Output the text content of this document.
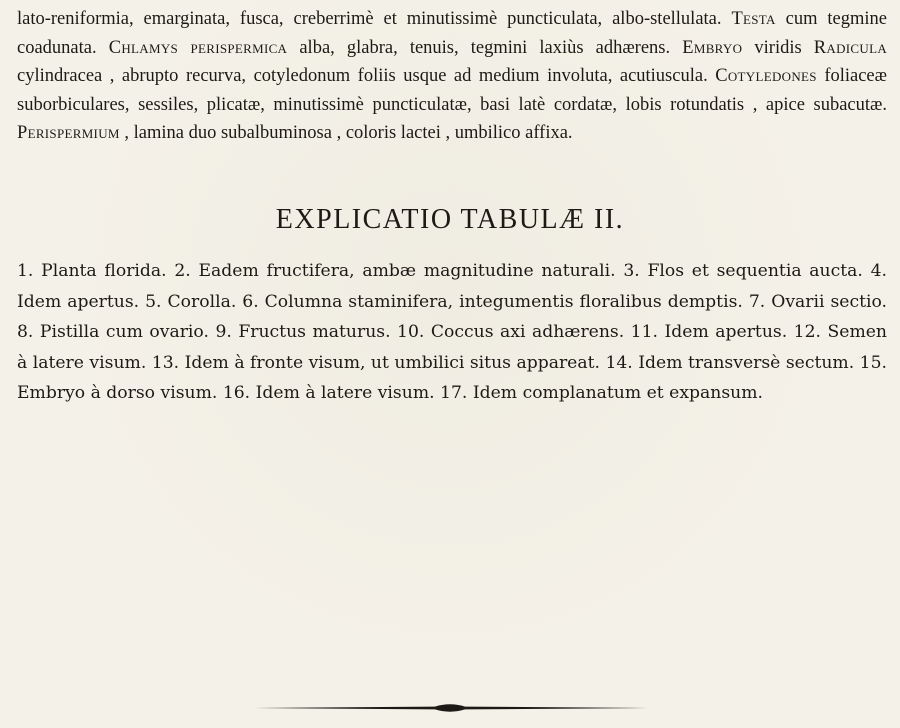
lato-reniformia, emarginata, fusca, creberrimè et minutissimè puncticulata, albo-stellulata. Testa cum tegmine coadunata. Chlamys perispermica alba, glabra, tenuis, tegmini laxiùs adhærens. Embryo viridis Radicula cylindracea , abrupto recurva, cotyledonum foliis usque ad medium involuta, acutiuscula. Cotyledones foliaceæ suborbiculares, sessiles, plicatæ, minutissimè puncticulatæ, basi latè cordatæ, lobis rotundatis , apice subacutæ. Perispermium , lamina duo subalbuminosa , coloris lactei , umbilico affixa.
EXPLICATIO TABULÆ II.
1. Planta florida. 2. Eadem fructifera, ambæ magnitudine naturali. 3. Flos et sequentia aucta. 4. Idem apertus. 5. Corolla. 6. Columna staminifera, integumentis floralibus demptis. 7. Ovarii sectio. 8. Pistilla cum ovario. 9. Fructus maturus. 10. Coccus axi adhærens. 11. Idem apertus. 12. Semen à latere visum. 13. Idem à fronte visum, ut umbilici situs appareat. 14. Idem transversè sectum. 15. Embryo à dorso visum. 16. Idem à latere visum. 17. Idem complanatum et expansum.
